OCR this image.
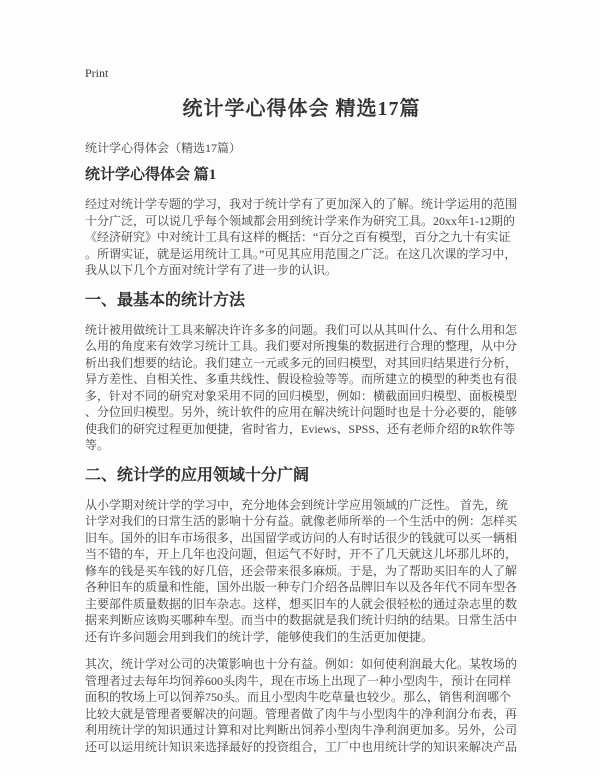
Print
统计学心得体会 精选17篇
统计学心得体会（精选17篇）
统计学心得体会 篇1

经过对统计学专题的学习，我对于统计学有了更加深入的了解。统计学运用的范围十分广泛，可以说几乎每个领域都会用到统计学来作为研究工具。20xx年1-12期的《经济研究》中对统计工具有这样的概括：“百分之百有模型，百分之九十有实证。所谓实证，就是运用统计工具。”可见其应用范围之广泛。在这几次课的学习中，我从以下几个方面对统计学有了进一步的认识。

一、最基本的统计方法

统计被用做统计工具来解决许许多多的问题。我们可以从其叫什么、有什么用和怎么用的角度来有效学习统计工具。我们要对所搜集的数据进行合理的整理，从中分析出我们想要的结论。我们建立一元或多元的回归模型，对其回归结果进行分析，异方差性、自相关性、多重共线性、假设检验等等。而所建立的模型的种类也有很多，针对不同的研究对象采用不同的回归模型，例如：横截面回归模型、面板模型、分位回归模型。另外，统计软件的应用在解决统计问题时也是十分必要的，能够使我们的研究过程更加便捷，省时省力，Eviews、SPSS、还有老师介绍的R软件等等。

二、统计学的应用领域十分广阔

从小学期对统计学的学习中，充分地体会到统计学应用领域的广泛性。 首先，统计学对我们的日常生活的影响十分有益。就像老师所举的一个生活中的例：怎样买旧车。国外的旧车市场很多，出国留学或访问的人有时话很少的钱就可以买一辆相当不错的车，开上几年也没问题，但运气不好时，开不了几天就这儿坏那儿坏的，修车的钱是买车钱的好几倍，还会带来很多麻烦。于是，为了帮助买旧车的人了解各种旧车的质量和性能，国外出版一种专门介绍各品牌旧车以及各年代不同车型各主要部件质量数据的旧车杂志。这样，想买旧车的人就会很轻松的通过杂志里的数据来判断应该购买哪种车型。而当中的数据就是我们统计归纳的结果。日常生活中还有许多问题会用到我们的统计学，能够使我们的生活更加便捷。

其次，统计学对公司的决策影响也十分有益。例如：如何使利润最大化。某牧场的管理者过去每年均饲养600头肉牛，现在市场上出现了一种小型肉牛，预计在同样面积的牧场上可以饲养750头。而且小型肉牛吃草量也较少。那么，销售利润哪个比较大就是管理者要解决的问题。管理者做了肉牛与小型肉牛的净利润分布表，再利用统计学的知识通过计算和对比判断出饲养小型肉牛净利润更加多。另外，公司还可以运用统计知识来选择最好的投资组合，工厂中也用统计学的知识来解决产品
